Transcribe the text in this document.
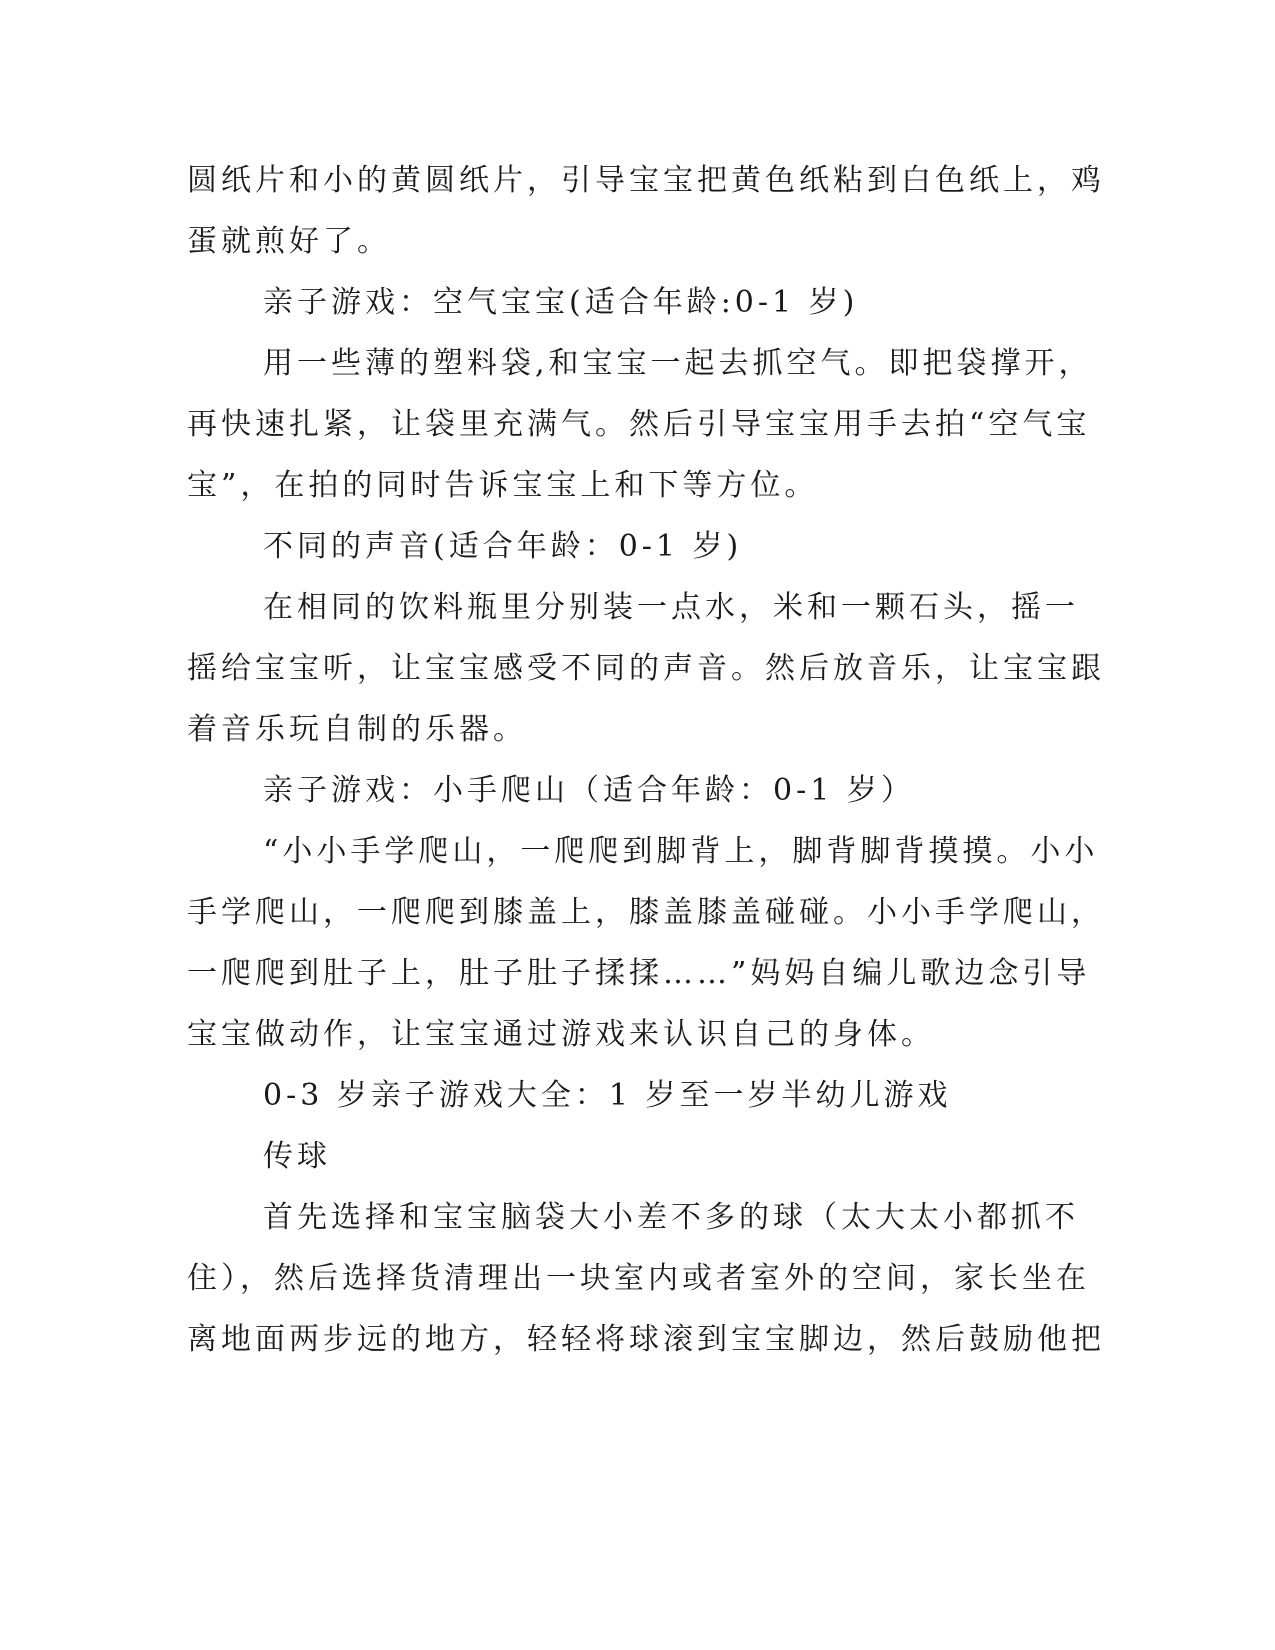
圆纸片和小的黄圆纸片，引导宝宝把黄色纸粘到白色纸上，鸡
蛋就煎好了。
亲子游戏：空气宝宝(适合年龄:0-1 岁)
用一些薄的塑料袋,和宝宝一起去抓空气。即把袋撑开，
再快速扎紧，让袋里充满气。然后引导宝宝用手去拍“空气宝
宝”，在拍的同时告诉宝宝上和下等方位。
不同的声音(适合年龄：0-1 岁)
在相同的饮料瓶里分别装一点水，米和一颗石头，摇一
摇给宝宝听，让宝宝感受不同的声音。然后放音乐，让宝宝跟
着音乐玩自制的乐器。
亲子游戏：小手爬山（适合年龄：0-1 岁）
“小小手学爬山，一爬爬到脚背上，脚背脚背摸摸。小小
手学爬山，一爬爬到膝盖上，膝盖膝盖碰碰。小小手学爬山，
一爬爬到肚子上，肚子肚子揉揉……”妈妈自编儿歌边念引导
宝宝做动作，让宝宝通过游戏来认识自己的身体。
0-3 岁亲子游戏大全：1 岁至一岁半幼儿游戏
传球
首先选择和宝宝脑袋大小差不多的球（太大太小都抓不
住），然后选择货清理出一块室内或者室外的空间，家长坐在
离地面两步远的地方，轻轻将球滚到宝宝脚边，然后鼓励他把
